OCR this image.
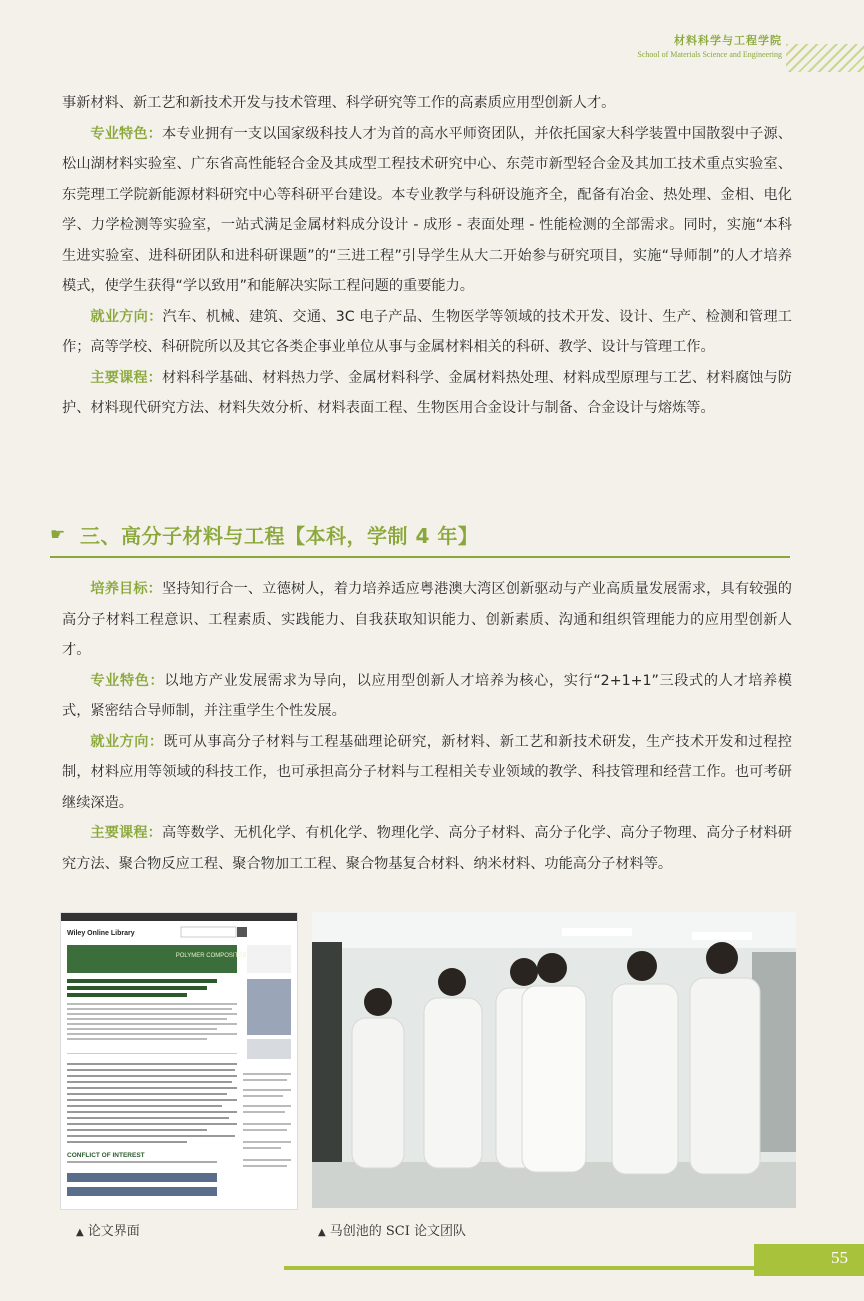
材料科学与工程学院
School of Materials Science and Engineering

事新材料、新工艺和新技术开发与技术管理、科学研究等工作的高素质应用型创新人才。

专业特色：本专业拥有一支以国家级科技人才为首的高水平师资团队，并依托国家大科学装置中国散裂中子源、松山湖材料实验室、广东省高性能轻合金及其成型工程技术研究中心、东莞市新型轻合金及其加工技术重点实验室、东莞理工学院新能源材料研究中心等科研平台建设。本专业教学与科研设施齐全，配备有冶金、热处理、金相、电化学、力学检测等实验室，一站式满足金属材料成分设计 - 成形 - 表面处理 - 性能检测的全部需求。同时，实施“本科生进实验室、进科研团队和进科研课题”的“三进工程”引导学生从大二开始参与研究项目，实施“导师制”的人才培养模式，使学生获得“学以致用”和能解决实际工程问题的重要能力。

就业方向：汽车、机械、建筑、交通、3C 电子产品、生物医学等领域的技术开发、设计、生产、检测和管理工作；高等学校、科研院所以及其它各类企事业单位从事与金属材料相关的科研、教学、设计与管理工作。

主要课程：材料科学基础、材料热力学、金属材料科学、金属材料热处理、材料成型原理与工艺、材料腐蚀与防护、材料现代研究方法、材料失效分析、材料表面工程、生物医用合金设计与制备、合金设计与熔炼等。

☛ 三、高分子材料与工程【本科，学制 4 年】

培养目标：坚持知行合一、立德树人，着力培养适应粤港澳大湾区创新驱动与产业高质量发展需求，具有较强的高分子材料工程意识、工程素质、实践能力、自我获取知识能力、创新素质、沟通和组织管理能力的应用型创新人才。

专业特色：以地方产业发展需求为导向，以应用型创新人才培养为核心，实行“2+1+1”三段式的人才培养模式，紧密结合导师制，并注重学生个性发展。

就业方向：既可从事高分子材料与工程基础理论研究，新材料、新工艺和新技术研发，生产技术开发和过程控制，材料应用等领域的科技工作，也可承担高分子材料与工程相关专业领域的教学、科技管理和经营工作。也可考研继续深造。

主要课程：高等数学、无机化学、有机化学、物理化学、高分子材料、高分子化学、高分子物理、高分子材料研究方法、聚合物反应工程、聚合物加工工程、聚合物基复合材料、纳米材料、功能高分子材料等。

Wiley Online Library
POLYMER COMPOSITES
CONFLICT OF INTEREST
▲ 论文界面	▲ 马创池的 SCI 论文团队
55
